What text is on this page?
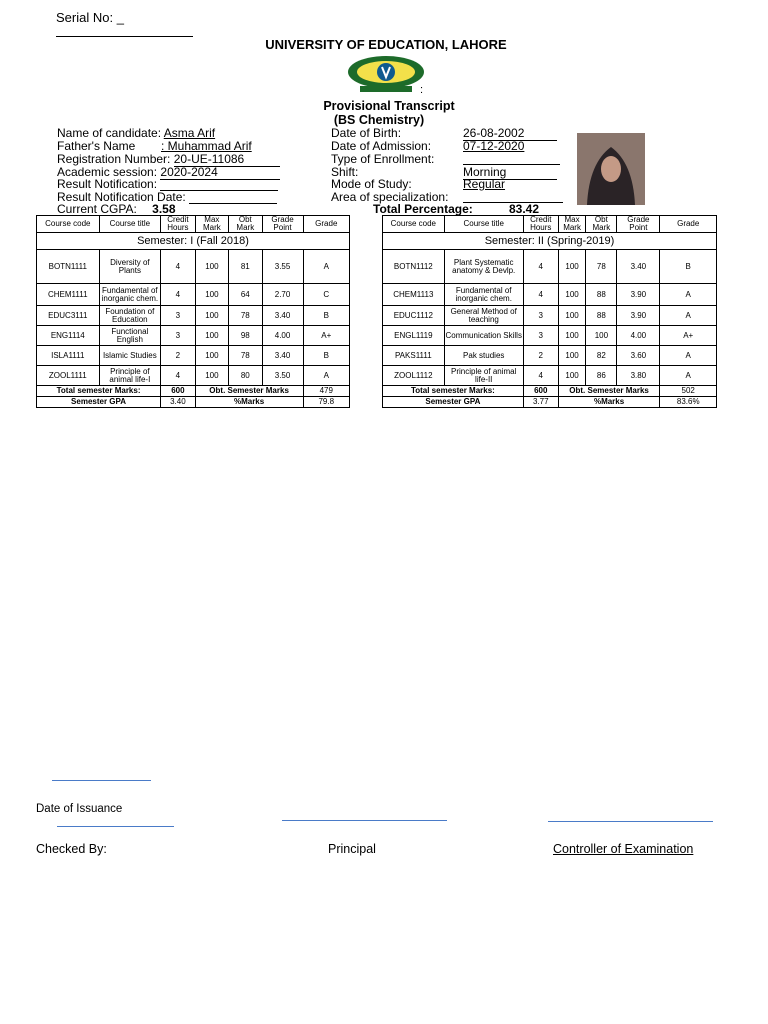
Serial No: _
UNIVERSITY OF EDUCATION, LAHORE
:
Provisional Transcript
(BS Chemistry)
Name of candidate: Asma Arif
Father's Name : Muhammad Arif
Registration Number: 20-UE-11086
Academic session: 2020-2024
Result Notification:
Result Notification Date:
Date of Birth:	26-08-2002
Date of Admission:	07-12-2020
Type of Enrollment:
Shift:	Morning
Mode of Study:	Regular
Area of specialization:
Current CGPA: 3.58	Total Percentage:	83.42
Course code	Course title	Credit Hours	Max Mark	Obt Mark	Grade Point	Grade
Semester: I (Fall 2018)						
BOTN1111	Diversity of Plants	4	100	81	3.55	A
CHEM1111	Fundamental of inorganic chem.	4	100	64	2.70	C
EDUC3111	Foundation of Education	3	100	78	3.40	B
ENG1114	Functional English	3	100	98	4.00	A+
ISLA1111	Islamic Studies	2	100	78	3.40	B
ZOOL1111	Principle of animal life-I	4	100	80	3.50	A
Total semester Marks:		600	Obt. Semester Marks			479
Semester GPA		3.40	%Marks			79.8
Course code	Course title	Credit Hours	Max Mark	Obt Mark	Grade Point	Grade
Semester: II (Spring-2019)						
BOTN1112	Plant Systematic anatomy & Devlp.	4	100	78	3.40	B
CHEM1113	Fundamental of inorganic chem.	4	100	88	3.90	A
EDUC1112	General Method of teaching	3	100	88	3.90	A
ENGL1119	Communication Skills	3	100	100	4.00	A+
PAKS1111	Pak studies	2	100	82	3.60	A
ZOOL1112	Principle of animal life-II	4	100	86	3.80	A
Total semester Marks:		600	Obt. Semester Marks			502
Semester GPA		3.77	%Marks			83.6%
Date of Issuance
Checked By:	Principal	Controller of Examination
